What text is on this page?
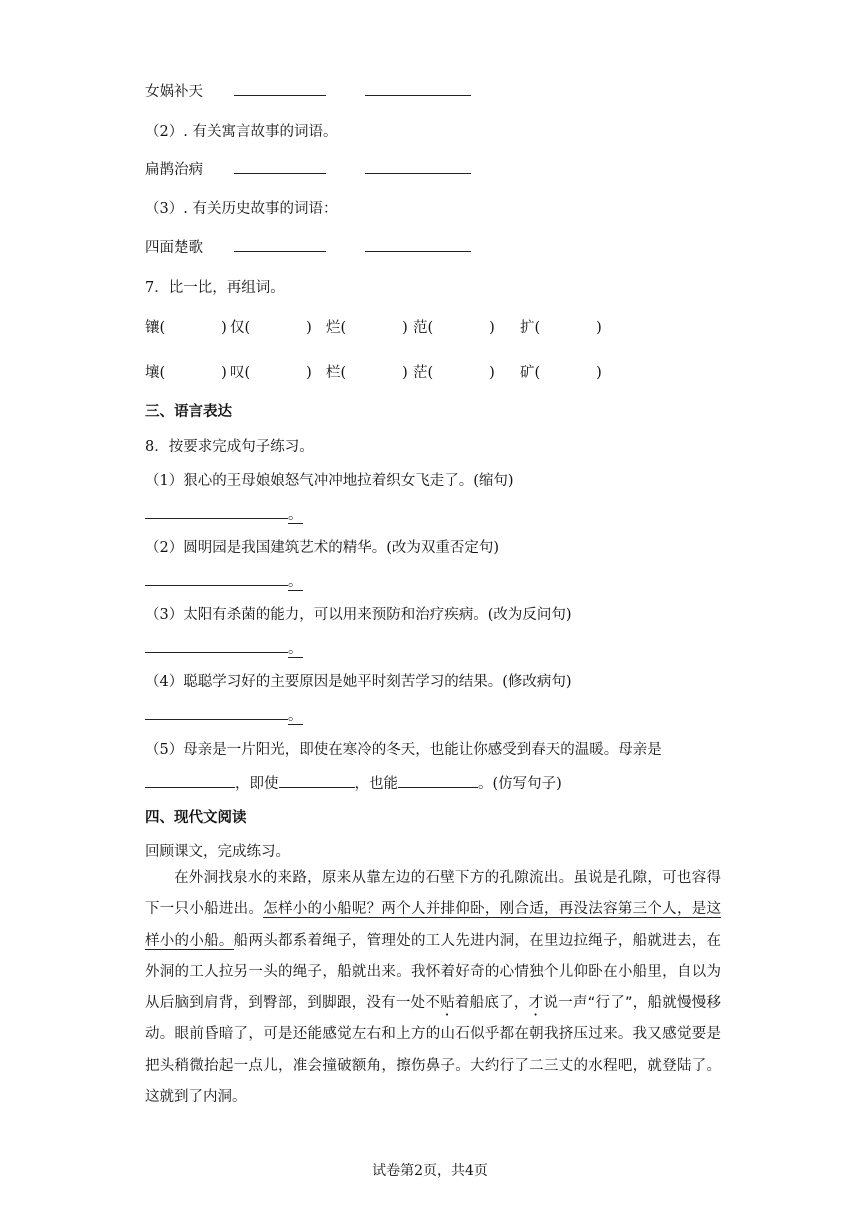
女娲补天
（2）. 有关寓言故事的词语。
扁鹊治病
（3）. 有关历史故事的词语：
四面楚歌
7．比一比，再组词。
镶(	) 仅(	) 烂(	) 范(	) 扩(	)
壤(	) 叹(	) 栏(	) 茫(	) 矿(	)
三、语言表达
8．按要求完成句子练习。
（1）狠心的王母娘娘怒气冲冲地拉着织女飞走了。(缩句)
。
（2）圆明园是我国建筑艺术的精华。(改为双重否定句)
。
（3）太阳有杀菌的能力，可以用来预防和治疗疾病。(改为反问句)
。
（4）聪聪学习好的主要原因是她平时刻苦学习的结果。(修改病句)
。
（5）母亲是一片阳光，即使在寒冷的冬天，也能让你感受到春天的温暖。母亲是
，即使	，也能	。(仿写句子)
四、现代文阅读
回顾课文，完成练习。

在外洞找泉水的来路，原来从靠左边的石壁下方的孔隙流出。虽说是孔隙，可也容得下一只小船进出。怎样小的小船呢？两个人并排仰卧，刚合适，再没法容第三个人，是这样小的小船。船两头都系着绳子，管理处的工人先进内洞，在里边拉绳子，船就进去，在外洞的工人拉另一头的绳子，船就出来。我怀着好奇的心情独个儿仰卧在小船里，自以为从后脑到肩背，到臀部，到脚跟，没有一处不贴着船底了，才说一声“行了”，船就慢慢移动。眼前昏暗了，可是还能感觉左右和上方的山石似乎都在朝我挤压过来。我又感觉要是把头稍微抬起一点儿，准会撞破额角，擦伤鼻子。大约行了二三丈的水程吧，就登陆了。这就到了内洞。

试卷第2页，共4页
